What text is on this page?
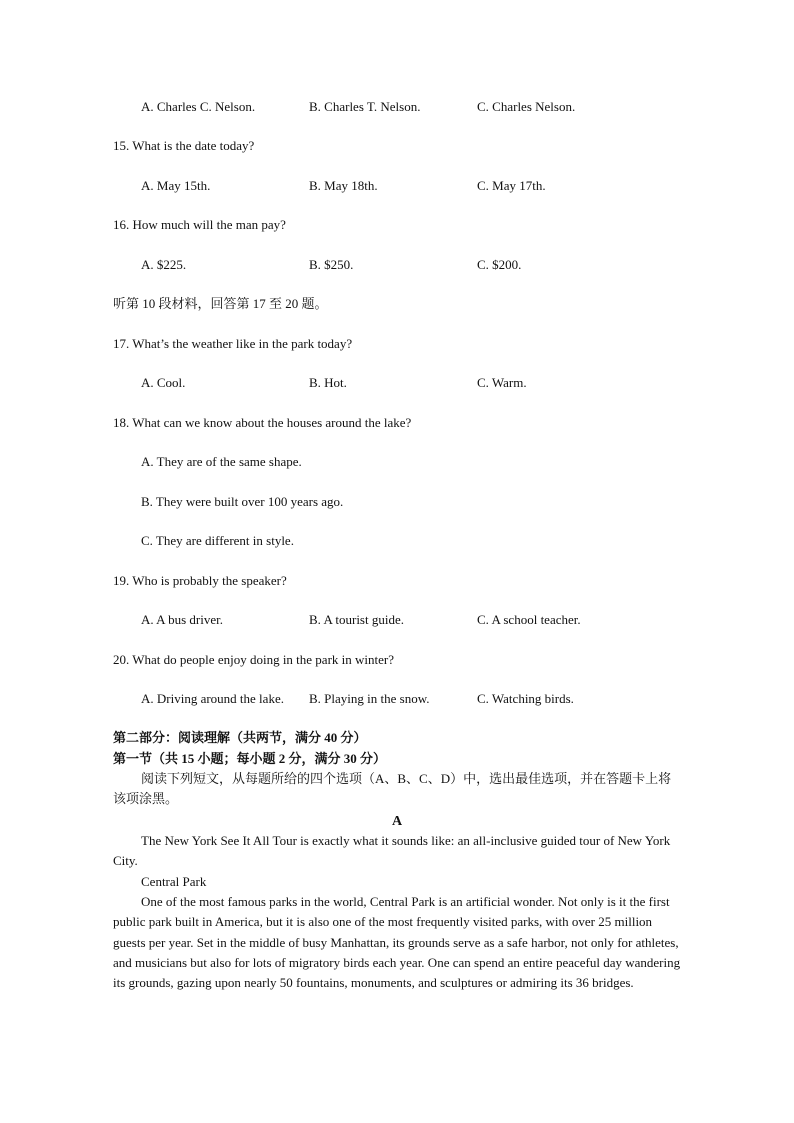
A. Charles C. Nelson.	B. Charles T. Nelson.	C. Charles Nelson.
15. What is the date today?
A. May 15th.	B. May 18th.	C. May 17th.
16. How much will the man pay?
A. $225.	B. $250.	C. $200.
听第 10 段材料，回答第 17 至 20 题。
17. What’s the weather like in the park today?
A. Cool.	B. Hot.	C. Warm.
18. What can we know about the houses around the lake?
A. They are of the same shape.
B. They were built over 100 years ago.
C. They are different in style.
19. Who is probably the speaker?
A. A bus driver.	B. A tourist guide.	C. A school teacher.
20. What do people enjoy doing in the park in winter?
A. Driving around the lake. B. Playing in the snow.	C. Watching birds.
第二部分：阅读理解（共两节，满分 40 分）
第一节（共 15 小题；每小题 2 分，满分 30 分）
阅读下列短文，从每题所给的四个选项（A、B、C、D）中，选出最佳选项，并在答题卡上将该项涂黑。
A
The New York See It All Tour is exactly what it sounds like: an all-inclusive guided tour of New York City.
Central Park
One of the most famous parks in the world, Central Park is an artificial wonder. Not only is it the first public park built in America, but it is also one of the most frequently visited parks, with over 25 million guests per year. Set in the middle of busy Manhattan, its grounds serve as a safe harbor, not only for athletes, and musicians but also for lots of migratory birds each year. One can spend an entire peaceful day wandering its grounds, gazing upon nearly 50 fountains, monuments, and sculptures or admiring its 36 bridges.
